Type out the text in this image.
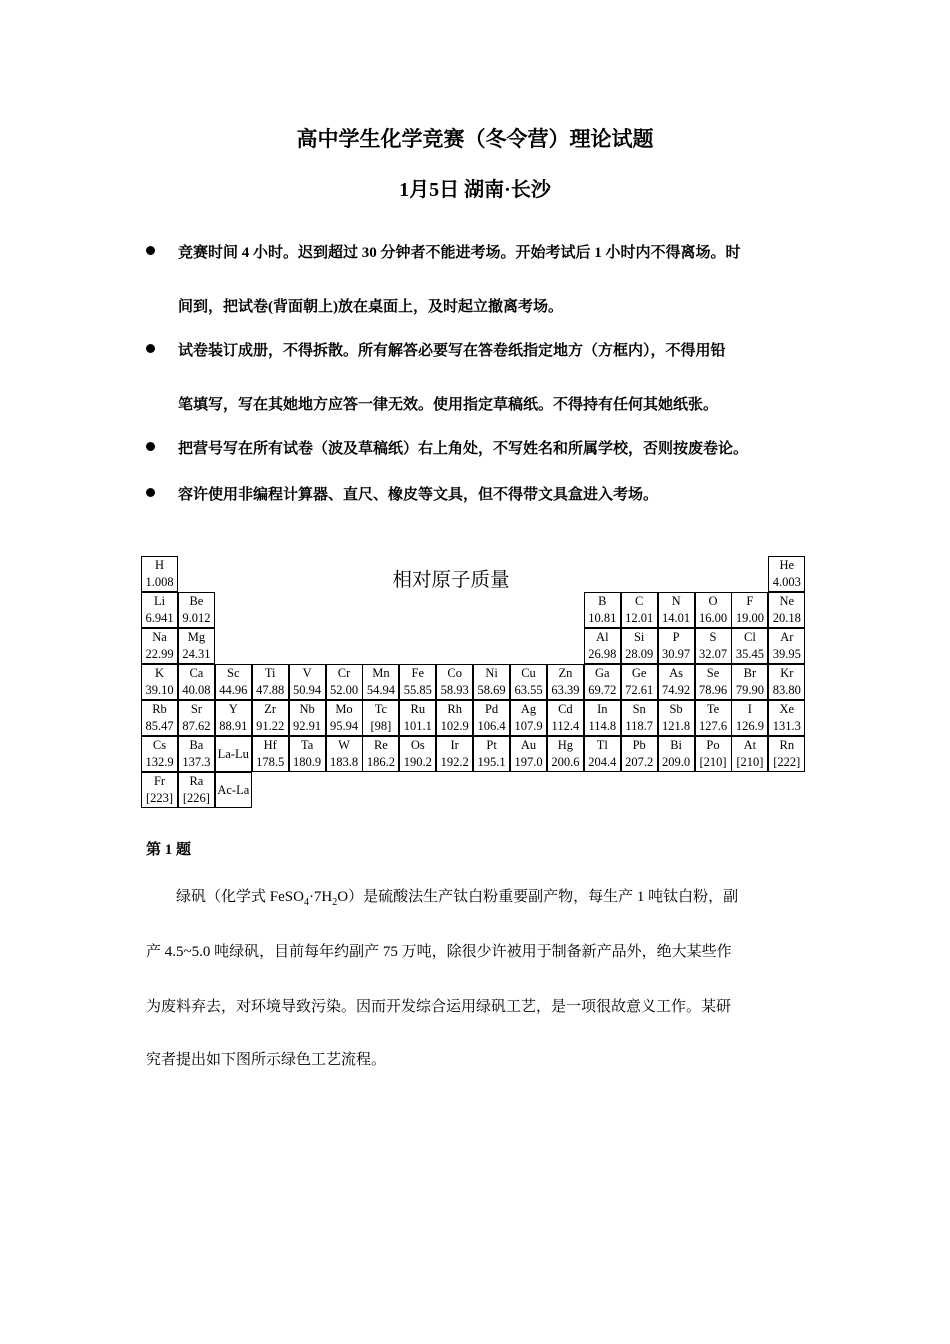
高中学生化学竞赛（冬令营）理论试题
1月5日 湖南·长沙
竞赛时间 4 小时。迟到超过 30 分钟者不能进考场。开始考试后 1 小时内不得离场。时
间到，把试卷(背面朝上)放在桌面上，及时起立撤离考场。
试卷装订成册，不得拆散。所有解答必要写在答卷纸指定地方（方框内），不得用铅
笔填写，写在其她地方应答一律无效。使用指定草稿纸。不得持有任何其她纸张。
把营号写在所有试卷（波及草稿纸）右上角处，不写姓名和所属学校，否则按废卷论。
容许使用非编程计算器、直尺、橡皮等文具，但不得带文具盒进入考场。
相对原子质量
H
1.008
He
4.003
Li
6.941
Be
9.012
B
10.81
C
12.01
N
14.01
O
16.00
F
19.00
Ne
20.18
Na
22.99
Mg
24.31
Al
26.98
Si
28.09
P
30.97
S
32.07
Cl
35.45
Ar
39.95
K
39.10
Ca
40.08
Sc
44.96
Ti
47.88
V
50.94
Cr
52.00
Mn
54.94
Fe
55.85
Co
58.93
Ni
58.69
Cu
63.55
Zn
63.39
Ga
69.72
Ge
72.61
As
74.92
Se
78.96
Br
79.90
Kr
83.80
Rb
85.47
Sr
87.62
Y
88.91
Zr
91.22
Nb
92.91
Mo
95.94
Tc
[98]
Ru
101.1
Rh
102.9
Pd
106.4
Ag
107.9
Cd
112.4
In
114.8
Sn
118.7
Sb
121.8
Te
127.6
I
126.9
Xe
131.3
Cs
132.9
Ba
137.3
La-Lu
Hf
178.5
Ta
180.9
W
183.8
Re
186.2
Os
190.2
Ir
192.2
Pt
195.1
Au
197.0
Hg
200.6
Tl
204.4
Pb
207.2
Bi
209.0
Po
[210]
At
[210]
Rn
[222]
Fr
[223]
Ra
[226]
Ac-La
第 1 题
绿矾（化学式 $FeSO_4\cdot 7H_2O$）是硫酸法生产钛白粉重要副产物，每生产 1 吨钛白粉，副
产 4.5~5.0 吨绿矾，目前每年约副产 75 万吨，除很少许被用于制备新产品外，绝大某些作
为废料弃去，对环境导致污染。因而开发综合运用绿矾工艺，是一项很故意义工作。某研
究者提出如下图所示绿色工艺流程。
